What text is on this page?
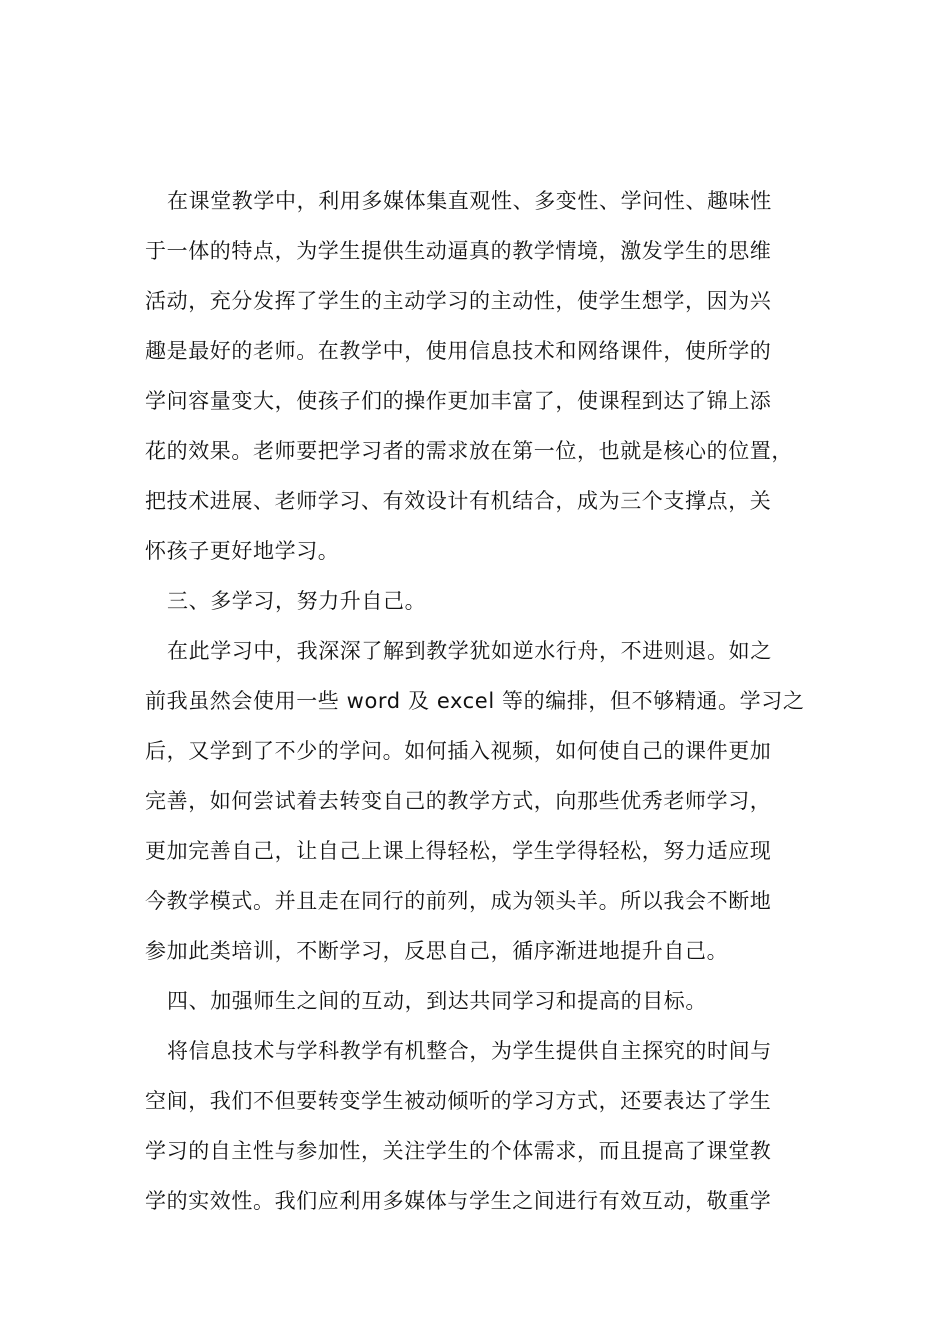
在课堂教学中，利用多媒体集直观性、多变性、学问性、趣味性
于一体的特点，为学生提供生动逼真的教学情境，激发学生的思维
活动，充分发挥了学生的主动学习的主动性，使学生想学，因为兴
趣是最好的老师。在教学中，使用信息技术和网络课件，使所学的
学问容量变大，使孩子们的操作更加丰富了，使课程到达了锦上添
花的效果。老师要把学习者的需求放在第一位，也就是核心的位置，
把技术进展、老师学习、有效设计有机结合，成为三个支撑点，关
怀孩子更好地学习。
三、多学习，努力升自己。
在此学习中，我深深了解到教学犹如逆水行舟，不进则退。如之
前我虽然会使用一些 word 及 excel 等的编排，但不够精通。学习之
后，又学到了不少的学问。如何插入视频，如何使自己的课件更加
完善，如何尝试着去转变自己的教学方式，向那些优秀老师学习，
更加完善自己，让自己上课上得轻松，学生学得轻松，努力适应现
今教学模式。并且走在同行的前列，成为领头羊。所以我会不断地
参加此类培训，不断学习，反思自己，循序渐进地提升自己。
四、加强师生之间的互动，到达共同学习和提高的目标。
将信息技术与学科教学有机整合，为学生提供自主探究的时间与
空间，我们不但要转变学生被动倾听的学习方式，还要表达了学生
学习的自主性与参加性，关注学生的个体需求，而且提高了课堂教
学的实效性。我们应利用多媒体与学生之间进行有效互动，敬重学
